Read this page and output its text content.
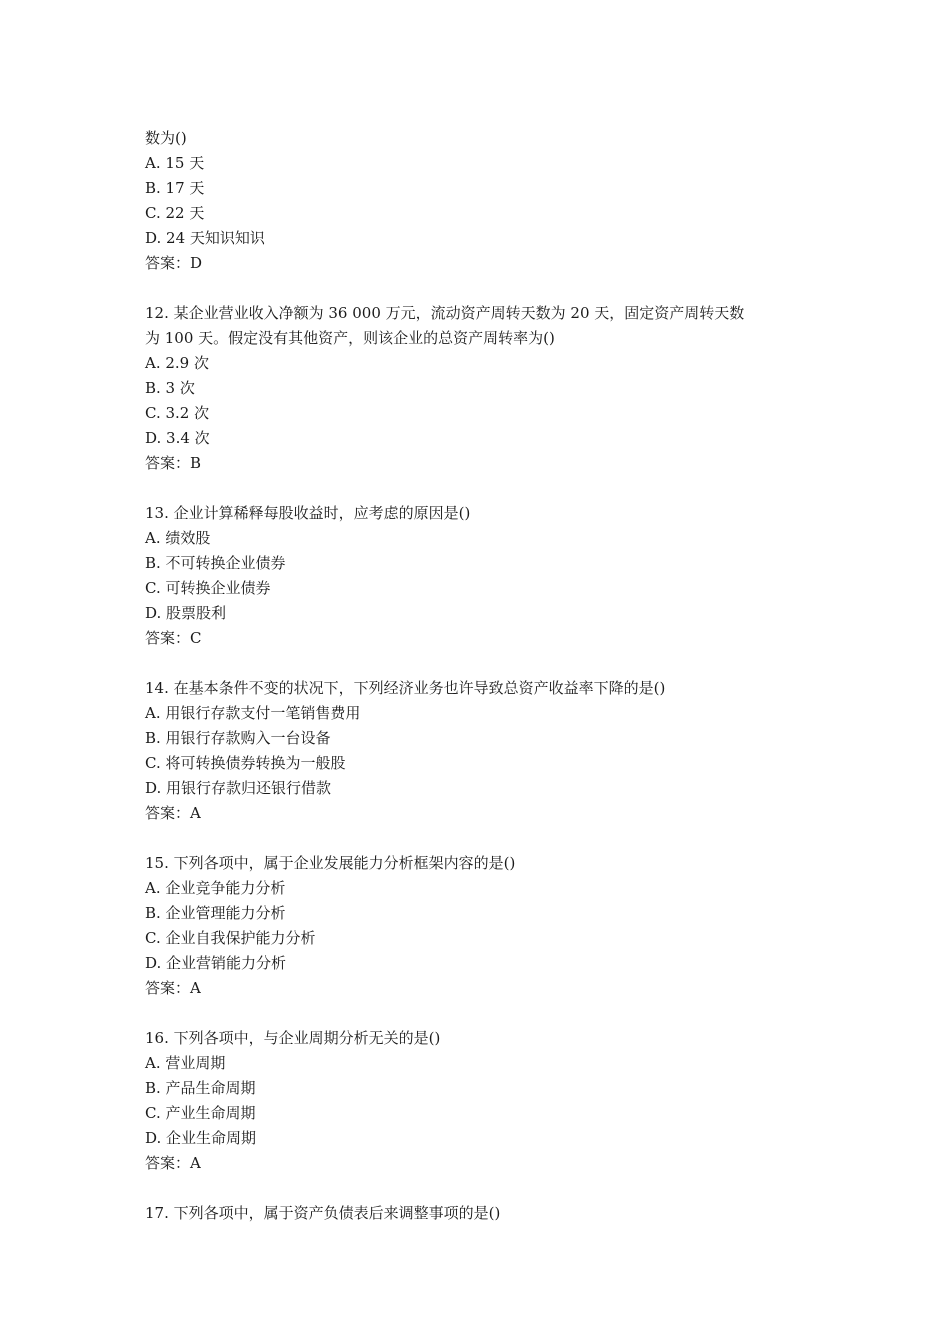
数为()
A. 15 天
B. 17 天
C. 22 天
D. 24 天知识知识
答案：D
12. 某企业营业收入净额为 36 000 万元，流动资产周转天数为 20 天，固定资产周转天数
为 100 天。假定没有其他资产，则该企业的总资产周转率为()
A. 2.9 次
B. 3 次
C. 3.2 次
D. 3.4 次
答案：B
13. 企业计算稀释每股收益时，应考虑的原因是()
A. 绩效股
B. 不可转换企业债券
C. 可转换企业债券
D. 股票股利
答案：C
14. 在基本条件不变的状况下，下列经济业务也许导致总资产收益率下降的是()
A. 用银行存款支付一笔销售费用
B. 用银行存款购入一台设备
C. 将可转换债券转换为一般股
D. 用银行存款归还银行借款
答案：A
15. 下列各项中，属于企业发展能力分析框架内容的是()
A. 企业竞争能力分析
B. 企业管理能力分析
C. 企业自我保护能力分析
D. 企业营销能力分析
答案：A
16. 下列各项中，与企业周期分析无关的是()
A. 营业周期
B. 产品生命周期
C. 产业生命周期
D. 企业生命周期
答案：A
17. 下列各项中，属于资产负债表后来调整事项的是()
